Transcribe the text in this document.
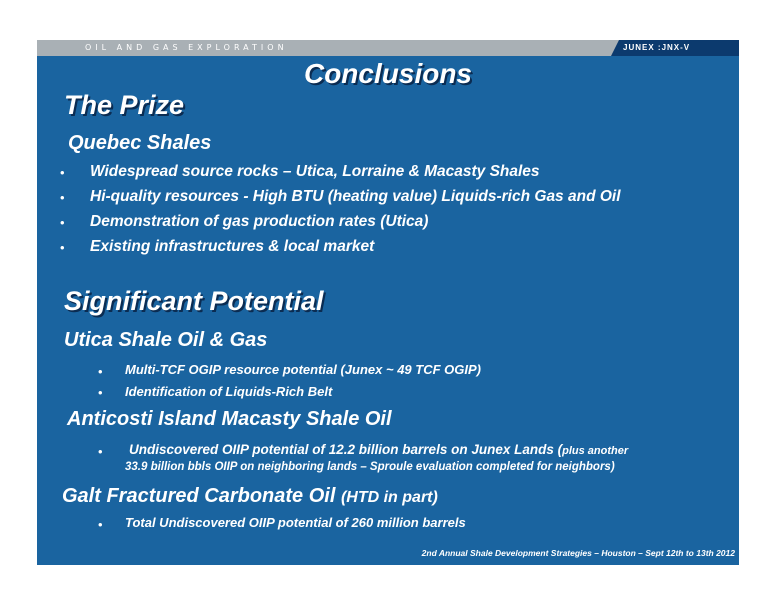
OIL AND GAS EXPLORATION	JUNEX :JNX-V
Conclusions
The Prize
Quebec Shales
• Widespread source rocks – Utica, Lorraine & Macasty Shales
• Hi-quality resources - High BTU (heating value) Liquids-rich Gas and Oil
• Demonstration of gas production rates (Utica)
• Existing infrastructures & local market
Significant Potential
Utica Shale Oil & Gas
• Multi-TCF OGIP resource potential (Junex ~ 49 TCF OGIP)
• Identification of Liquids-Rich Belt
Anticosti Island Macasty Shale Oil
• Undiscovered OIIP potential of 12.2 billion barrels on Junex Lands (plus another
33.9 billion bbls OIIP on neighboring lands – Sproule evaluation completed for neighbors)
Galt Fractured Carbonate Oil (HTD in part)
• Total Undiscovered OIIP potential of 260 million barrels
2nd Annual Shale Development Strategies – Houston – Sept 12th to 13th 2012
